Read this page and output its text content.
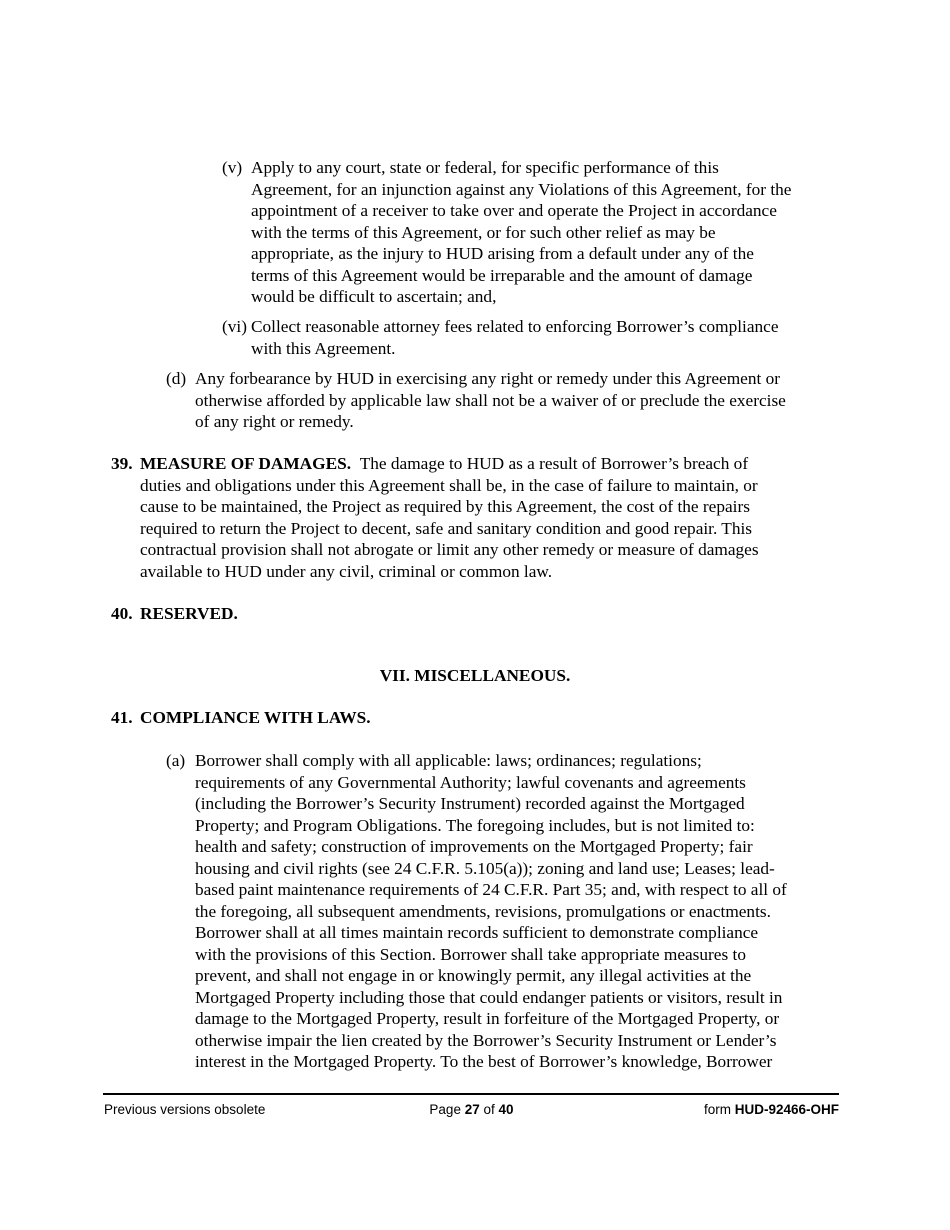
(v) Apply to any court, state or federal, for specific performance of this

Agreement, for an injunction against any Violations of this Agreement, for the

appointment of a receiver to take over and operate the Project in accordance

with the terms of this Agreement, or for such other relief as may be

appropriate, as the injury to HUD arising from a default under any of the

terms of this Agreement would be irreparable and the amount of damage

would be difficult to ascertain; and,

(vi) Collect reasonable attorney fees related to enforcing Borrower’s compliance

with this Agreement.

(d) Any forbearance by HUD in exercising any right or remedy under this Agreement or

otherwise afforded by applicable law shall not be a waiver of or preclude the exercise

of any right or remedy.

39. MEASURE OF DAMAGES. The damage to HUD as a result of Borrower’s breach of

duties and obligations under this Agreement shall be, in the case of failure to maintain, or

cause to be maintained, the Project as required by this Agreement, the cost of the repairs

required to return the Project to decent, safe and sanitary condition and good repair. This

contractual provision shall not abrogate or limit any other remedy or measure of damages

available to HUD under any civil, criminal or common law.

40. RESERVED.
VII. MISCELLANEOUS.
41. COMPLIANCE WITH LAWS.
(a) Borrower shall comply with all applicable: laws; ordinances; regulations;

requirements of any Governmental Authority; lawful covenants and agreements

(including the Borrower’s Security Instrument) recorded against the Mortgaged

Property; and Program Obligations. The foregoing includes, but is not limited to:

health and safety; construction of improvements on the Mortgaged Property; fair

housing and civil rights (see 24 C.F.R. 5.105(a)); zoning and land use; Leases; lead-

based paint maintenance requirements of 24 C.F.R. Part 35; and, with respect to all of

the foregoing, all subsequent amendments, revisions, promulgations or enactments.

Borrower shall at all times maintain records sufficient to demonstrate compliance

with the provisions of this Section. Borrower shall take appropriate measures to

prevent, and shall not engage in or knowingly permit, any illegal activities at the

Mortgaged Property including those that could endanger patients or visitors, result in

damage to the Mortgaged Property, result in forfeiture of the Mortgaged Property, or

otherwise impair the lien created by the Borrower’s Security Instrument or Lender’s

interest in the Mortgaged Property. To the best of Borrower’s knowledge, Borrower

Previous versions obsolete	Page 27 of 40	form HUD-92466-OHF
